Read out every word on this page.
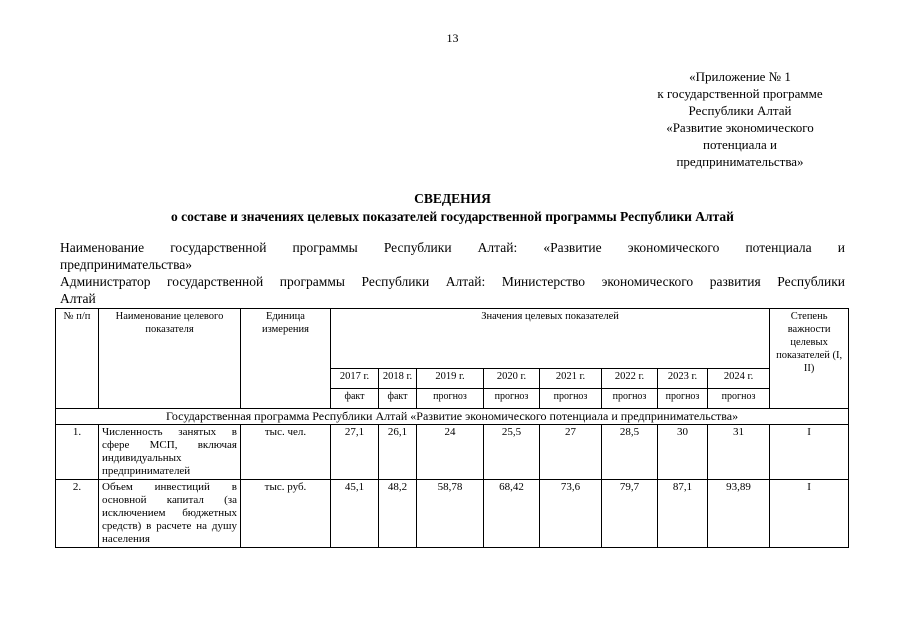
13
«Приложение № 1
к государственной программе
Республики Алтай
«Развитие экономического
потенциала и
предпринимательства»
СВЕДЕНИЯ
о составе и значениях целевых показателей государственной программы Республики Алтай
Наименование государственной программы Республики Алтай: «Развитие экономического потенциала и
предпринимательства»
Администратор государственной программы Республики Алтай: Министерство экономического развития Республики
Алтай
№ п/п	Наименование целевого показателя	Единица измерения	Значения целевых показателей								Степень важности целевых показателей (I, II)
			2017 г.	2018 г.	2019 г.	2020 г.	2021 г.	2022 г.	2023 г.	2024 г.	
			факт	факт	прогноз	прогноз	прогноз	прогноз	прогноз	прогноз	
Государственная программа Республики Алтай «Развитие экономического потенциала и предпринимательства»											
1.	Численность занятых в сфере МСП, включая индивидуальных предпринимателей	тыс. чел.	27,1	26,1	24	25,5	27	28,5	30	31	I
2.	Объем инвестиций в основной капитал (за исключением бюджетных средств) в расчете на душу населения	тыс. руб.	45,1	48,2	58,78	68,42	73,6	79,7	87,1	93,89	I
